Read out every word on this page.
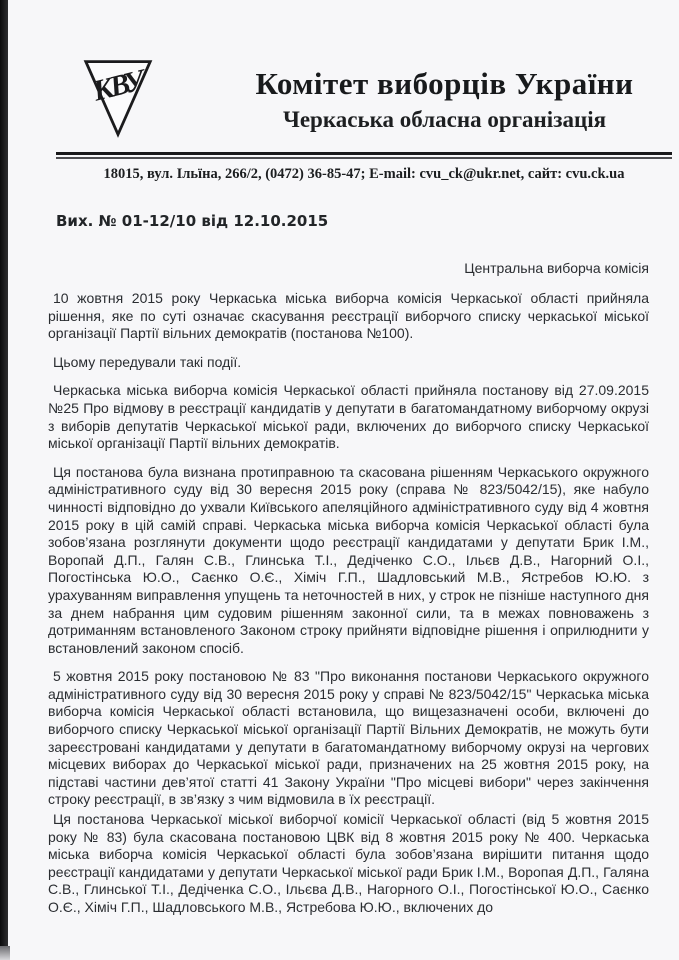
КВУ	Комітет виборців України
Черкаська обласна організація
18015, вул. Ільїна, 266/2, (0472) 36-85-47; E-mail: cvu_ck@ukr.net, сайт: cvu.ck.ua
Вих. № 01-12/10 від 12.10.2015
Центральна виборча комісія

10 жовтня 2015 року Черкаська міська виборча комісія Черкаської області прийняла рішення, яке по суті означає скасування реєстрації виборчого списку черкаської міської організації Партії вільних демократів (постанова №100).

Цьому передували такі події.

Черкаська міська виборча комісія Черкаської області прийняла постанову від 27.09.2015 №25 Про відмову в реєстрації кандидатів у депутати в багатомандатному виборчому окрузі з виборів депутатів Черкаської міської ради, включених до виборчого списку Черкаської міської організації Партії вільних демократів.

Ця постанова була визнана протиправною та скасована рішенням Черкаського окружного адміністративного суду від 30 вересня 2015 року (справа № 823/5042/15), яке набуло чинності відповідно до ухвали Київського апеляційного адміністративного суду від 4 жовтня 2015 року в цій самій справі. Черкаська міська виборча комісія Черкаської області була зобов’язана розглянути документи щодо реєстрації кандидатами у депутати Брик І.М., Воропай Д.П., Галян С.В., Глинська Т.І., Дедіченко С.О., Ільєв Д.В., Нагорний О.І., Погостінська Ю.О., Саєнко О.Є., Хіміч Г.П., Шадловський М.В., Ястребов Ю.Ю. з урахуванням виправлення упущень та неточностей в них, у строк не пізніше наступного дня за днем набрання цим судовим рішенням законної сили, та в межах повноважень з дотриманням встановленого Законом строку прийняти відповідне рішення і оприлюднити у встановлений законом спосіб.

5 жовтня 2015 року постановою № 83 "Про виконання постанови Черкаського окружного адміністративного суду від 30 вересня 2015 року у справі № 823/5042/15" Черкаська міська виборча комісія Черкаської області встановила, що вищезазначені особи, включені до виборчого списку Черкаської міської організації Партії Вільних Демократів, не можуть бути зареєстровані кандидатами у депутати в багатомандатному виборчому окрузі на чергових місцевих виборах до Черкаської міської ради, призначених на 25 жовтня 2015 року, на підставі частини дев’ятої статті 41 Закону України "Про місцеві вибори" через закінчення строку реєстрації, в зв’язку з чим відмовила в їх реєстрації.

Ця постанова Черкаської міської виборчої комісії Черкаської області (від 5 жовтня 2015 року № 83) була скасована постановою ЦВК від 8 жовтня 2015 року № 400. Черкаська міська виборча комісія Черкаської області була зобов’язана вирішити питання щодо реєстрації кандидатами у депутати Черкаської міської ради Брик І.М., Воропая Д.П., Галяна С.В., Глинської Т.І., Дедіченка С.О., Ільєва Д.В., Нагорного О.І., Погостінської Ю.О., Саєнко О.Є., Хіміч Г.П., Шадловського М.В., Ястребова Ю.Ю., включених до
